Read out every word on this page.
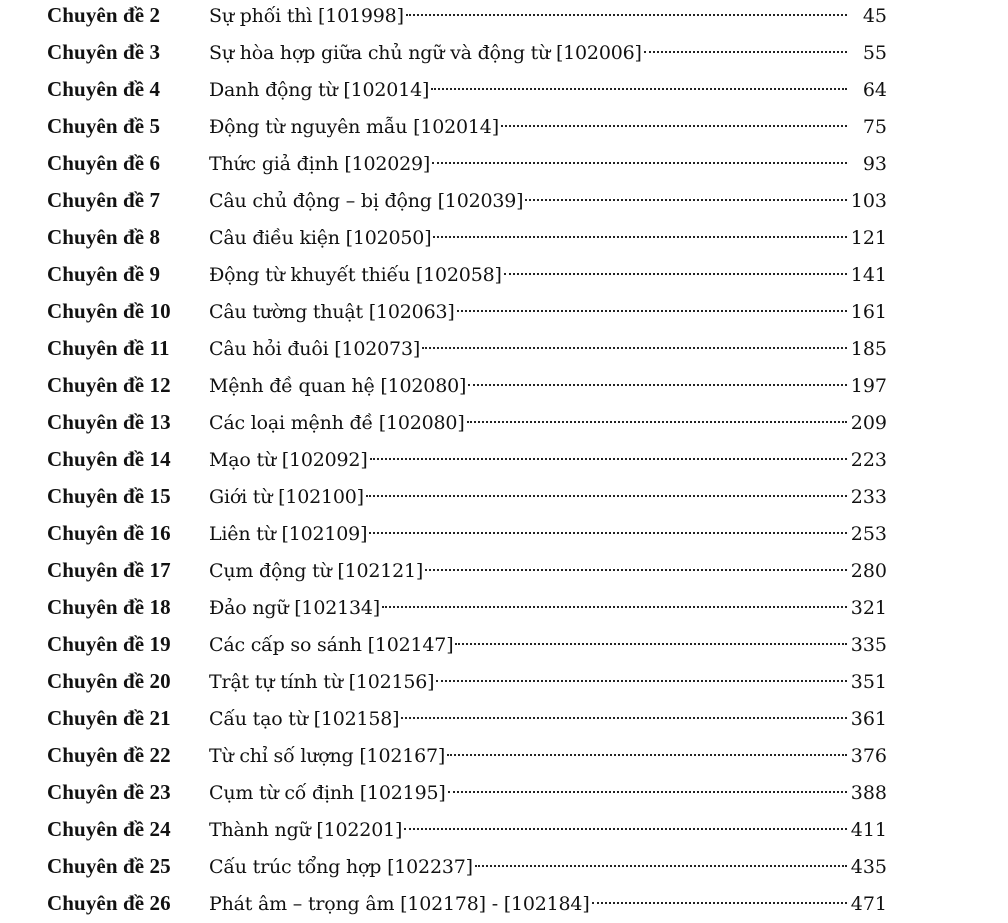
Chuyên đề 2	Sự phối thì [101998]	45
Chuyên đề 3	Sự hòa hợp giữa chủ ngữ và động từ [102006]	55
Chuyên đề 4	Danh động từ [102014]	64
Chuyên đề 5	Động từ nguyên mẫu [102014]	75
Chuyên đề 6	Thức giả định [102029]	93
Chuyên đề 7	Câu chủ động – bị động [102039]	103
Chuyên đề 8	Câu điều kiện [102050]	121
Chuyên đề 9	Động từ khuyết thiếu [102058]	141
Chuyên đề 10	Câu tường thuật [102063]	161
Chuyên đề 11	Câu hỏi đuôi [102073]	185
Chuyên đề 12	Mệnh đề quan hệ [102080]	197
Chuyên đề 13	Các loại mệnh đề [102080]	209
Chuyên đề 14	Mạo từ [102092]	223
Chuyên đề 15	Giới từ [102100]	233
Chuyên đề 16	Liên từ [102109]	253
Chuyên đề 17	Cụm động từ [102121]	280
Chuyên đề 18	Đảo ngữ [102134]	321
Chuyên đề 19	Các cấp so sánh [102147]	335
Chuyên đề 20	Trật tự tính từ [102156]	351
Chuyên đề 21	Cấu tạo từ [102158]	361
Chuyên đề 22	Từ chỉ số lượng [102167]	376
Chuyên đề 23	Cụm từ cố định [102195]	388
Chuyên đề 24	Thành ngữ [102201]	411
Chuyên đề 25	Cấu trúc tổng hợp [102237]	435
Chuyên đề 26	Phát âm – trọng âm [102178] - [102184]	471
